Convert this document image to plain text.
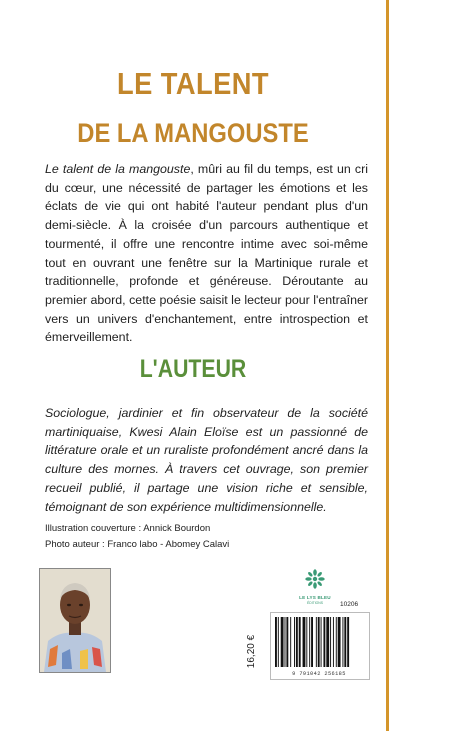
LE TALENT
DE LA MANGOUSTE
Le talent de la mangouste, mûri au fil du temps, est un cri du cœur, une nécessité de partager les émotions et les éclats de vie qui ont habité l'auteur pendant plus d'un demi-siècle. À la croisée d'un parcours authentique et tourmenté, il offre une rencontre intime avec soi-même tout en ouvrant une fenêtre sur la Martinique rurale et traditionnelle, profonde et généreuse. Déroutante au premier abord, cette poésie saisit le lecteur pour l'entraîner vers un univers d'enchantement, entre introspection et émerveillement.
L'AUTEUR
Sociologue, jardinier et fin observateur de la société martiniquaise, Kwesi Alain Eloïse est un passionné de littérature orale et un ruraliste profondément ancré dans la culture des mornes. À travers cet ouvrage, son premier recueil publié, il partage une vision riche et sensible, témoignant de son expérience multidimensionnelle.
Illustration couverture : Annick Bourdon
Photo auteur : Franco labo - Abomey Calavi
LE LYS BLEU
ÉDITIONS	10206
16,20 €
9 791042 256185
